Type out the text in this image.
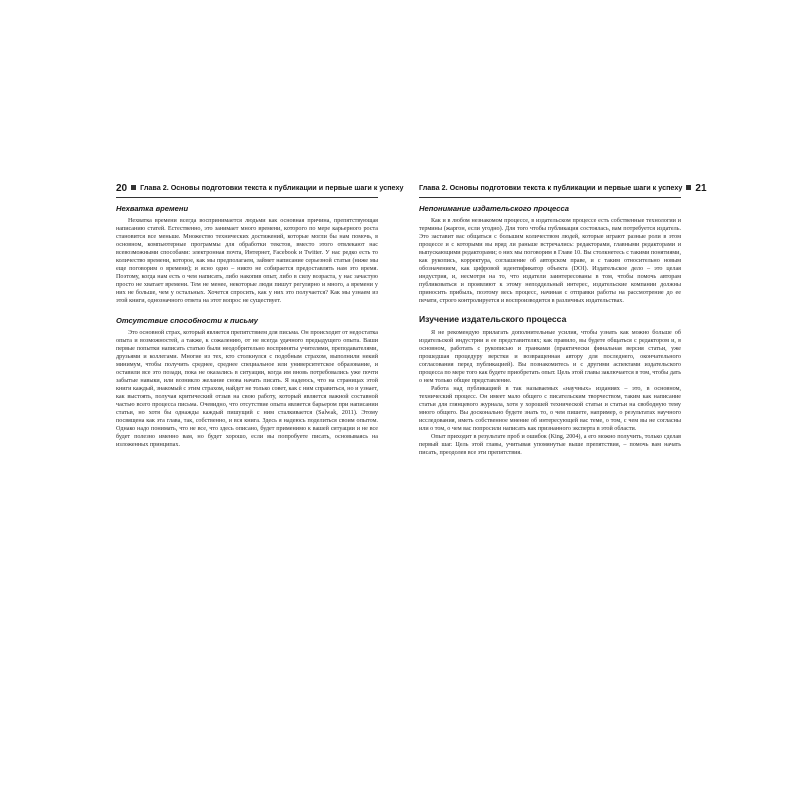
20 Глава 2. Основы подготовки текста к публикации и первые шаги к успеху
Нехватка времени

Нехватка времени всегда воспринимается людьми как основная причина, препятствующая написанию статей. Естественно, это занимает много времени, которого по мере карьерного роста становится все меньше. Множество технических достижений, которые могли бы нам помочь, в основном, компьютерные программы для обработки текстов, вместо этого отвлекают нас всевозможными способами: электронная почта, Интернет, Facebook и Twitter. У нас редко есть то количество времени, которое, как мы предполагаем, займет написание серьезной статьи (ниже мы еще поговорим о времени); и ясно одно – никто не собирается предоставлять нам это время. Поэтому, когда нам есть о чем написать, либо накопив опыт, либо в силу возраста, у нас зачастую просто не хватает времени. Тем не менее, некоторые люди пишут регулярно и много, а времени у них не больше, чем у остальных. Хочется спросить, как у них это получается? Как мы узнаем из этой книги, однозначного ответа на этот вопрос не существует.

Отсутствие способности к письму

Это основной страх, который является препятствием для письма. Он происходит от недостатка опыта и возможностей, а также, к сожалению, от не всегда удачного предыдущего опыта. Ваши первые попытки написать статью были неодобрительно восприняты учителями, преподавателями, друзьями и коллегами. Многие из тех, кто столкнулся с подобным страхом, выполнили некий минимум, чтобы получить среднее, среднее специальное или университетское образование, и оставили все это позади, пока не оказались в ситуации, когда им вновь потребовались уже почти забытые навыки, или возникло желание снова начать писать. Я надеюсь, что на страницах этой книги каждый, знакомый с этим страхом, найдет не только совет, как с ним справиться, но и узнает, как выстоять, получая критический отзыв на свою работу, который является важной составной частью всего процесса письма. Очевидно, что отсутствие опыта является барьером при написании статьи, но хотя бы однажды каждый пишущий с ним сталкивается (Salwak, 2011). Этому посвящена как эта глава, так, собственно, и вся книга. Здесь я надеюсь поделиться своим опытом. Однако надо понимать, что не все, что здесь описано, будет применимо к вашей ситуации и не все будет полезно именно вам, но будет хорошо, если вы попробуете писать, основываясь на изложенных принципах.

Глава 2. Основы подготовки текста к публикации и первые шаги к успеху 21
Непонимание издательского процесса

Как и в любом незнакомом процессе, в издательском процессе есть собственные технологии и термины (жаргон, если угодно). Для того чтобы публикация состоялась, вам потребуется издатель. Это заставит вас общаться с большим количеством людей, которые играют разные роли в этом процессе и с которыми вы вряд ли раньше встречались: редакторами, главными редакторами и выпускающими редакторами; о них мы поговорим в Главе 10. Вы столкнетесь с такими понятиями, как рукопись, корректура, соглашение об авторском праве, и с таким относительно новым обозначением, как цифровой идентификатор объекта (DOI). Издательское дело – это целая индустрия, и, несмотря на то, что издатели заинтересованы в том, чтобы помочь авторам публиковаться и проявляют к этому неподдельный интерес, издательские компании должны приносить прибыль, поэтому весь процесс, начиная с отправки работы на рассмотрение до ее печати, строго контролируется и воспроизводится в различных издательствах.

Изучение издательского процесса

Я не рекомендую прилагать дополнительные усилия, чтобы узнать как можно больше об издательской индустрии и ее представителях; как правило, вы будете общаться с редактором и, в основном, работать с рукописью и гранками (практически финальная версия статьи, уже прошедшая процедуру верстки и возвращенная автору для последнего, окончательного согласования перед публикацией). Вы познакомитесь и с другими аспектами издательского процесса по мере того как будете приобретать опыт. Цель этой главы заключается в том, чтобы дать о нем только общее представление.

Работа над публикацией в так называемых «научных» изданиях – это, в основном, технический процесс. Он имеет мало общего с писательским творчеством, таким как написание статьи для глянцевого журнала, хотя у хорошей технической статьи и статьи на свободную тему много общего. Вы досконально будете знать то, о чем пишете, например, о результатах научного исследования, иметь собственное мнение об интересующей вас теме, о том, с чем вы не согласны или о том, о чем вас попросили написать как признанного эксперта в этой области.

Опыт приходит в результате проб и ошибок (King, 2004), а его можно получить, только сделав первый шаг. Цель этой главы, учитывая упомянутые выше препятствия, – помочь вам начать писать, преодолев все эти препятствия.
